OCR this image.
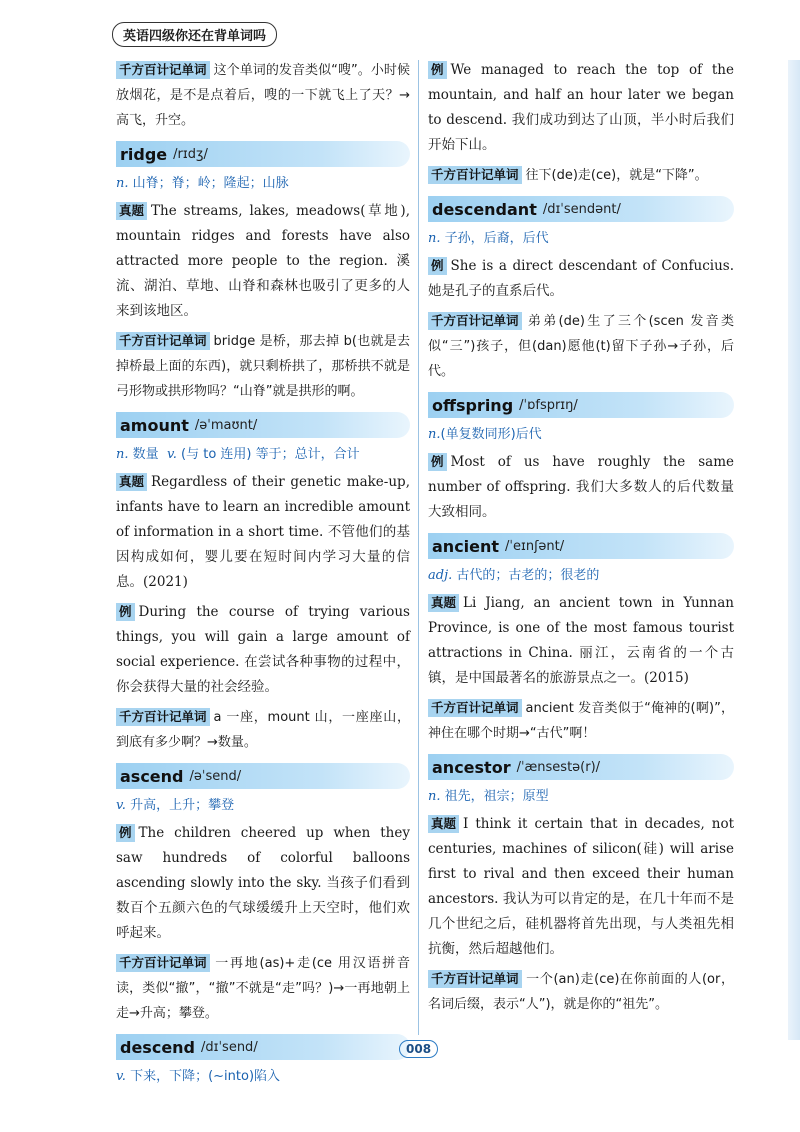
英语四级你还在背单词吗

千方百计记单词 这个单词的发音类似“嗖”。小时候放烟花，是不是点着后，嗖的一下就飞上了天？→高飞，升空。

ridge /rɪdʒ/
n. 山脊；脊；岭；隆起；山脉

真题 The streams, lakes, meadows(草地), mountain ridges and forests have also attracted more people to the region. 溪流、湖泊、草地、山脊和森林也吸引了更多的人来到该地区。

千方百计记单词 bridge 是桥，那去掉 b(也就是去掉桥最上面的东西)，就只剩桥拱了，那桥拱不就是弓形物或拱形物吗？“山脊”就是拱形的啊。

amount /əˈmaʊnt/
n. 数量 v. (与 to 连用) 等于；总计，合计

真题 Regardless of their genetic make-up, infants have to learn an incredible amount of information in a short time. 不管他们的基因构成如何，婴儿要在短时间内学习大量的信息。(2021)

例 During the course of trying various things, you will gain a large amount of social experience. 在尝试各种事物的过程中，你会获得大量的社会经验。

千方百计记单词 a 一座，mount 山，一座座山，到底有多少啊？→数量。

ascend /əˈsend/
v. 升高，上升；攀登

例 The children cheered up when they saw hundreds of colorful balloons ascending slowly into the sky. 当孩子们看到数百个五颜六色的气球缓缓升上天空时，他们欢呼起来。

千方百计记单词 一再地(as)+走(ce 用汉语拼音读，类似“撤”，“撤”不就是“走”吗？)→一再地朝上走→升高；攀登。

descend /dɪˈsend/
v. 下来，下降；(~into)陷入

例 We managed to reach the top of the mountain, and half an hour later we began to descend. 我们成功到达了山顶，半小时后我们开始下山。

千方百计记单词 往下(de)走(ce)，就是“下降”。

descendant /dɪˈsendənt/
n. 子孙，后裔，后代

例 She is a direct descendant of Confucius. 她是孔子的直系后代。

千方百计记单词 弟弟(de)生了三个(scen 发音类似“三”)孩子，但(dan)愿他(t)留下子孙→子孙，后代。

offspring /ˈɒfsprɪŋ/
n.(单复数同形)后代

例 Most of us have roughly the same number of offspring. 我们大多数人的后代数量大致相同。

ancient /ˈeɪnʃənt/
adj. 古代的；古老的；很老的

真题 Li Jiang, an ancient town in Yunnan Province, is one of the most famous tourist attractions in China. 丽江，云南省的一个古镇，是中国最著名的旅游景点之一。(2015)

千方百计记单词 ancient 发音类似于“俺神的(啊)”，神住在哪个时期→“古代”啊！

ancestor /ˈænsestə(r)/
n. 祖先，祖宗；原型

真题 I think it certain that in decades, not centuries, machines of silicon(硅) will arise first to rival and then exceed their human ancestors. 我认为可以肯定的是，在几十年而不是几个世纪之后，硅机器将首先出现，与人类祖先相抗衡，然后超越他们。

千方百计记单词 一个(an)走(ce)在你前面的人(or，名词后缀，表示“人”)，就是你的“祖先”。

008
